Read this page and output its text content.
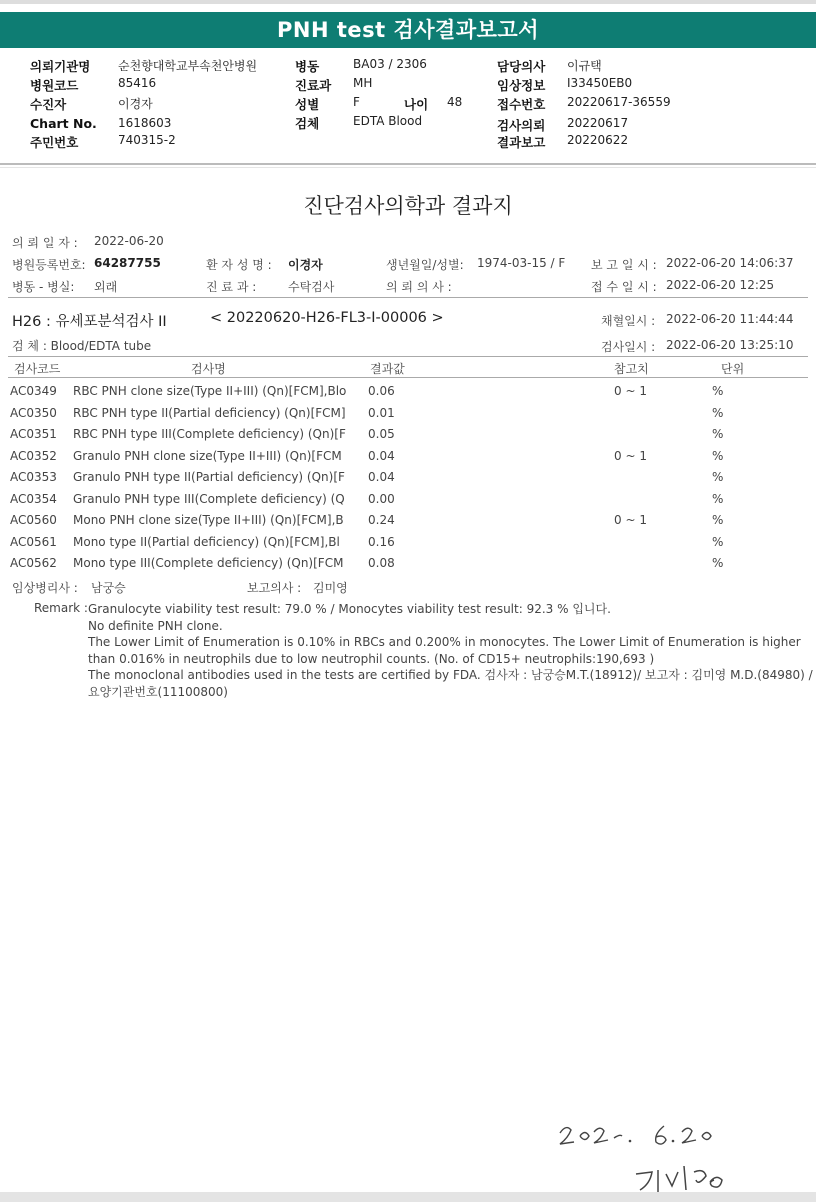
PNH test 검사결과보고서
의뢰기관명 순천향대학교부속천안병원
병원코드	85416
수진자	이경자
Chart No. 1618603
주민번호	740315-2
병동	BA03 / 2306
진료과 MH
성별	F	나이 48
검체	EDTA Blood
담당의사 이규택
임상정보 I33450EB0
접수번호 20220617-36559
검사의뢰 20220617
결과보고 20220622
진단검사의학과 결과지
의 뢰 일 자 : 2022-06-20
병원등록번호: 64287755	환 자 성 명 : 이경자	생년월일/성별: 1974-03-15 / F 보 고 일 시 : 2022-06-20 14:06:37
병동 - 병실: 외래	진 료 과 :	수탁검사	의 뢰 의 사 :	접 수 일 시 : 2022-06-20 12:25
H26 : 유세포분석검사 II	< 20220620-H26-FL3-I-00006 >	채혈일시 : 2022-06-20 11:44:44
검 체 : Blood/EDTA tube	검사일시 : 2022-06-20 13:25:10
검사코드	검사명	결과값	참고치	단위
AC0349 RBC PNH clone size(Type II+III) (Qn)[FCM],Blo 0.06	0 ~ 1	%
AC0350 RBC PNH type II(Partial deficiency) (Qn)[FCM] 0.01	%
AC0351 RBC PNH type III(Complete deficiency) (Qn)[F 0.05	%
AC0352 Granulo PNH clone size(Type II+III) (Qn)[FCM 0.04	0 ~ 1	%
AC0353 Granulo PNH type II(Partial deficiency) (Qn)[F 0.04	%
AC0354 Granulo PNH type III(Complete deficiency) (Q 0.00	%
AC0560 Mono PNH clone size(Type II+III) (Qn)[FCM],B 0.24	0 ~ 1	%
AC0561 Mono type II(Partial deficiency) (Qn)[FCM],Bl 0.16	%
AC0562 Mono type III(Complete deficiency) (Qn)[FCM 0.08	%
임상병리사 : 남궁승	보고의사 : 김미영
Remark : Granulocyte viability test result: 79.0 % / Monocytes viability test result: 92.3 % 입니다.
No definite PNH clone.
The Lower Limit of Enumeration is 0.10% in RBCs and 0.200% in monocytes. The Lower Limit of Enumeration is higher
than 0.016% in neutrophils due to low neutrophil counts. (No. of CD15+ neutrophils:190,693 )
The monoclonal antibodies used in the tests are certified by FDA. 검사자 : 남궁승M.T.(18912)/ 보고자 : 김미영 M.D.(84980) /
요양기관번호(11100800)
